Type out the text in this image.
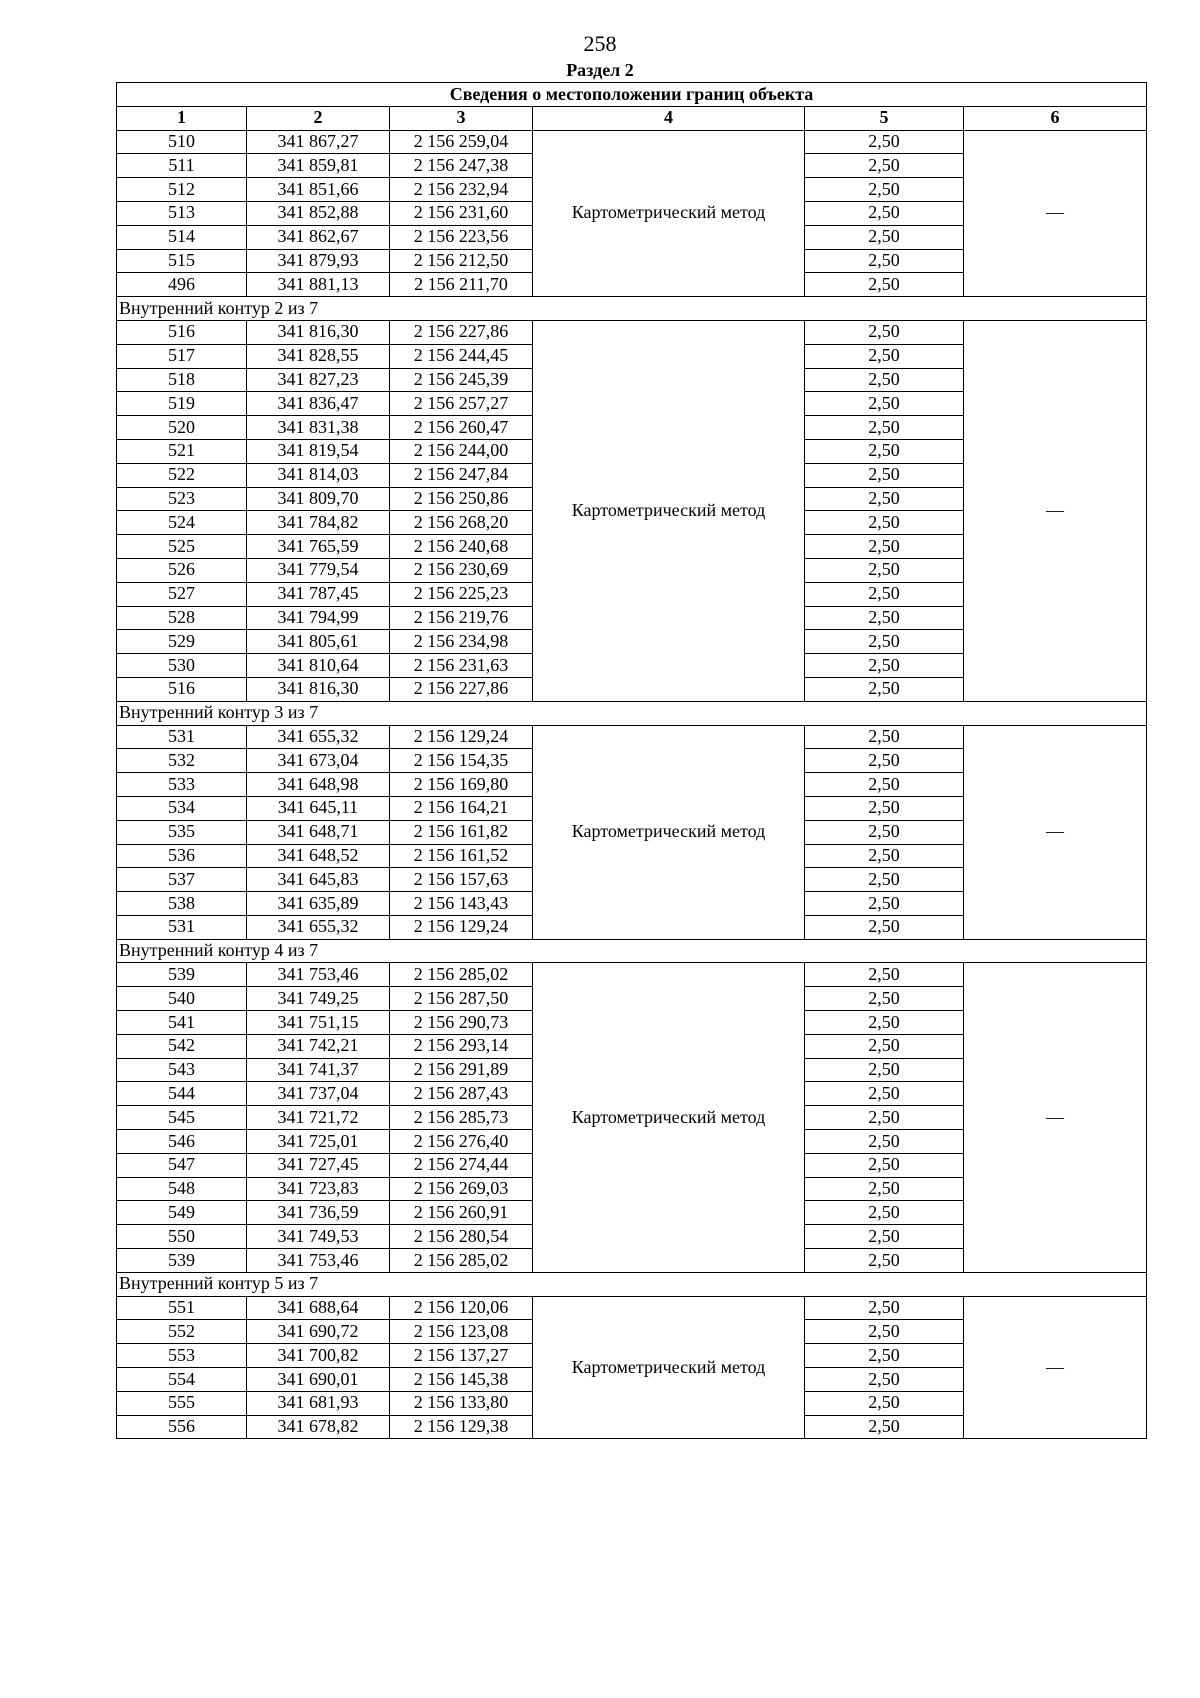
258
Раздел 2
Сведения о местоположении границ объекта					
1	2	3	4	5	6
510	341 867,27	2 156 259,04	Картометрический метод	2,50	—
511	341 859,81	2 156 247,38		2,50	
512	341 851,66	2 156 232,94		2,50	
513	341 852,88	2 156 231,60		2,50	
514	341 862,67	2 156 223,56		2,50	
515	341 879,93	2 156 212,50		2,50	
496	341 881,13	2 156 211,70		2,50	
Внутренний контур 2 из 7					
516	341 816,30	2 156 227,86	Картометрический метод	2,50	—
517	341 828,55	2 156 244,45		2,50	
518	341 827,23	2 156 245,39		2,50	
519	341 836,47	2 156 257,27		2,50	
520	341 831,38	2 156 260,47		2,50	
521	341 819,54	2 156 244,00		2,50	
522	341 814,03	2 156 247,84		2,50	
523	341 809,70	2 156 250,86		2,50	
524	341 784,82	2 156 268,20		2,50	
525	341 765,59	2 156 240,68		2,50	
526	341 779,54	2 156 230,69		2,50	
527	341 787,45	2 156 225,23		2,50	
528	341 794,99	2 156 219,76		2,50	
529	341 805,61	2 156 234,98		2,50	
530	341 810,64	2 156 231,63		2,50	
516	341 816,30	2 156 227,86		2,50	
Внутренний контур 3 из 7					
531	341 655,32	2 156 129,24	Картометрический метод	2,50	—
532	341 673,04	2 156 154,35		2,50	
533	341 648,98	2 156 169,80		2,50	
534	341 645,11	2 156 164,21		2,50	
535	341 648,71	2 156 161,82		2,50	
536	341 648,52	2 156 161,52		2,50	
537	341 645,83	2 156 157,63		2,50	
538	341 635,89	2 156 143,43		2,50	
531	341 655,32	2 156 129,24		2,50	
Внутренний контур 4 из 7					
539	341 753,46	2 156 285,02	Картометрический метод	2,50	—
540	341 749,25	2 156 287,50		2,50	
541	341 751,15	2 156 290,73		2,50	
542	341 742,21	2 156 293,14		2,50	
543	341 741,37	2 156 291,89		2,50	
544	341 737,04	2 156 287,43		2,50	
545	341 721,72	2 156 285,73		2,50	
546	341 725,01	2 156 276,40		2,50	
547	341 727,45	2 156 274,44		2,50	
548	341 723,83	2 156 269,03		2,50	
549	341 736,59	2 156 260,91		2,50	
550	341 749,53	2 156 280,54		2,50	
539	341 753,46	2 156 285,02		2,50	
Внутренний контур 5 из 7					
551	341 688,64	2 156 120,06	Картометрический метод	2,50	—
552	341 690,72	2 156 123,08		2,50	
553	341 700,82	2 156 137,27		2,50	
554	341 690,01	2 156 145,38		2,50	
555	341 681,93	2 156 133,80		2,50	
556	341 678,82	2 156 129,38		2,50	
